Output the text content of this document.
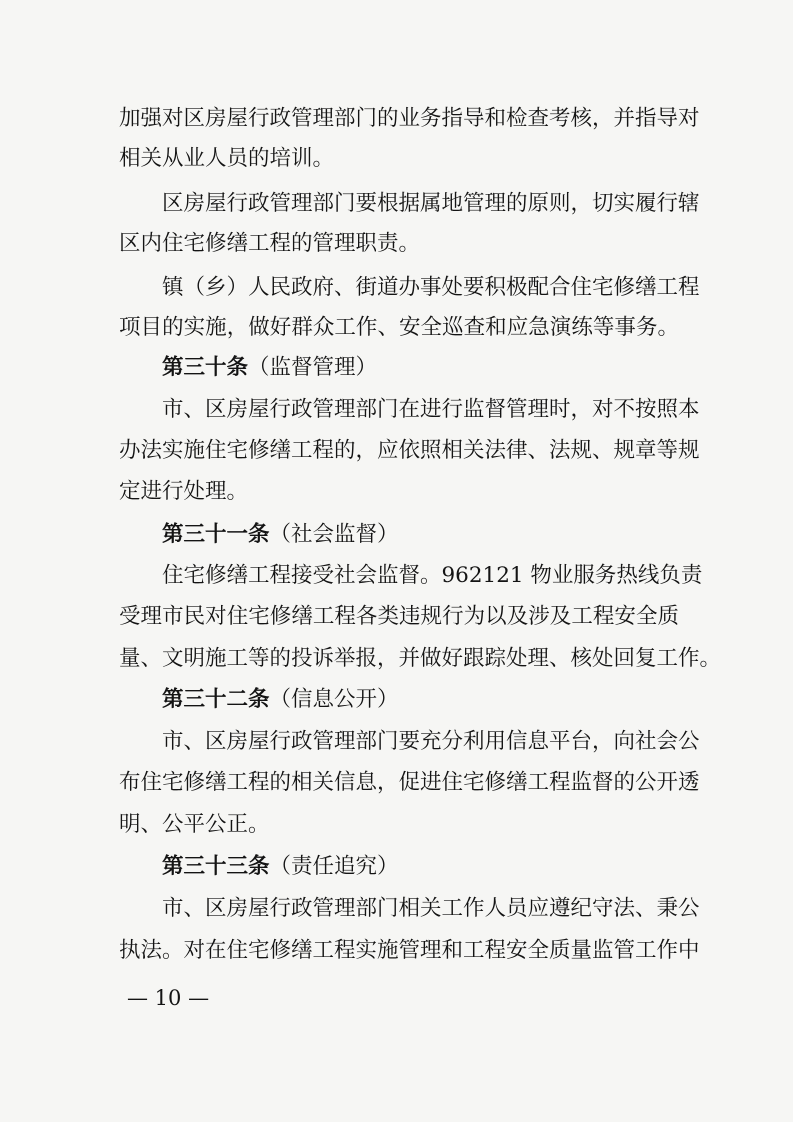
加强对区房屋行政管理部门的业务指导和检查考核，并指导对
相关从业人员的培训。
区房屋行政管理部门要根据属地管理的原则，切实履行辖
区内住宅修缮工程的管理职责。
镇（乡）人民政府、街道办事处要积极配合住宅修缮工程
项目的实施，做好群众工作、安全巡查和应急演练等事务。
第三十条（监督管理）
市、区房屋行政管理部门在进行监督管理时，对不按照本
办法实施住宅修缮工程的，应依照相关法律、法规、规章等规
定进行处理。
第三十一条（社会监督）
住宅修缮工程接受社会监督。962121 物业服务热线负责
受理市民对住宅修缮工程各类违规行为以及涉及工程安全质
量、文明施工等的投诉举报，并做好跟踪处理、核处回复工作。
第三十二条（信息公开）
市、区房屋行政管理部门要充分利用信息平台，向社会公
布住宅修缮工程的相关信息，促进住宅修缮工程监督的公开透
明、公平公正。
第三十三条（责任追究）
市、区房屋行政管理部门相关工作人员应遵纪守法、秉公
执法。对在住宅修缮工程实施管理和工程安全质量监管工作中
— 10 —
